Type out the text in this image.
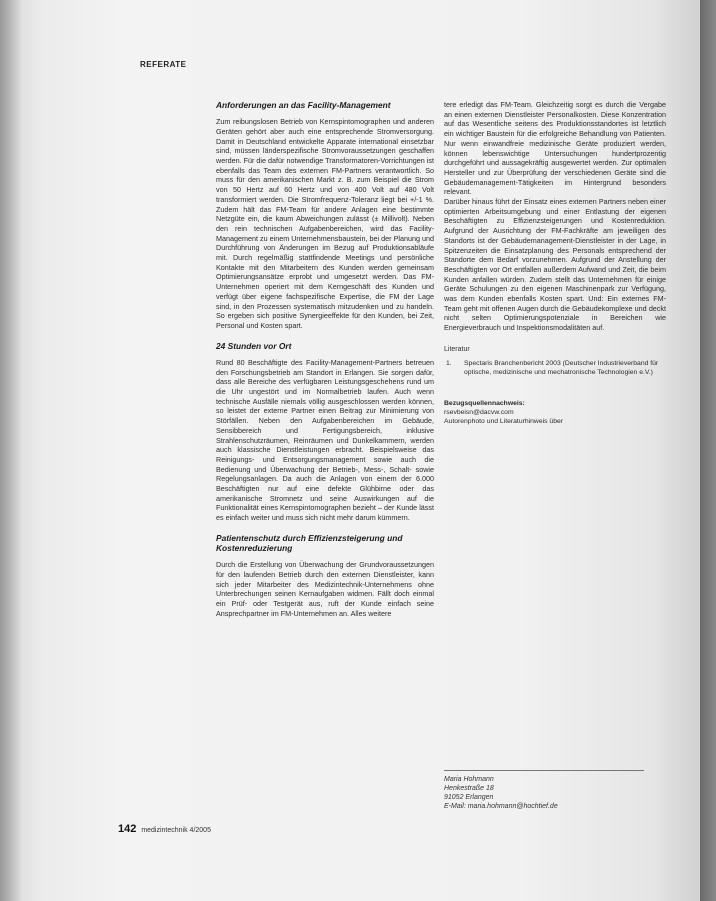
REFERATE
Anforderungen an das Facility-Management

Zum reibungslosen Betrieb von Kernspintomographen und anderen Geräten gehört aber auch eine entsprechende Stromversorgung. Damit in Deutschland entwickelte Apparate international einsetzbar sind, müssen länderspezifische Stromvoraussetzungen geschaffen werden. Für die dafür notwendige Transformatoren-Vorrichtungen ist ebenfalls das Team des externen FM-Partners verantwortlich. So muss für den amerikanischen Markt z. B. zum Beispiel die Strom von 50 Hertz auf 60 Hertz und von 400 Volt auf 480 Volt transformiert werden. Die Stromfrequenz-Toleranz liegt bei +/-1 %. Zudem hält das FM-Team für andere Anlagen eine bestimmte Netzgüte ein, die kaum Abweichungen zulässt (± Millivolt). Neben den rein technischen Aufgabenbereichen, wird das Facility-Management zu einem Unternehmensbaustein, bei der Planung und Durchführung von Änderungen im Bezug auf Produktionsabläufe mit. Durch regelmäßig stattfindende Meetings und persönliche Kontakte mit den Mitarbeitern des Kunden werden gemeinsam Optimierungsansätze erprobt und umgesetzt werden. Das FM-Unternehmen operiert mit dem Kerngeschäft des Kunden und verfügt über eigene fachspezifische Expertise, die FM der Lage sind, in den Prozessen systematisch mitzudenken und zu handeln. So ergeben sich positive Synergieeffekte für den Kunden, bei Zeit, Personal und Kosten spart.

24 Stunden vor Ort

Rund 80 Beschäftigte des Facility-Management-Partners betreuen den Forschungsbetrieb am Standort in Erlangen. Sie sorgen dafür, dass alle Bereiche des verfügbaren Leistungsgeschehens rund um die Uhr ungestört und im Normalbetrieb laufen. Auch wenn technische Ausfälle niemals völlig ausgeschlossen werden können, so leistet der externe Partner einen Beitrag zur Minimierung von Störfällen. Neben den Aufgabenbereichen im Gebäude, Sensibbereich und Fertigungsbereich, inklusive Strahlenschutzräumen, Reinräumen und Dunkelkammern, werden auch klassische Dienstleistungen erbracht. Beispielsweise das Reinigungs- und Entsorgungsmanagement sowie auch die Bedienung und Überwachung der Betrieb-, Mess-, Schalt- sowie Regelungsanlagen. Da auch die Anlagen von einem der 6.000 Beschäftigten nur auf eine defekte Glühbirne oder das amerikanische Stromnetz und seine Auswirkungen auf die Funktionalität eines Kernspintomographen bezieht – der Kunde lässt es einfach weiter und muss sich nicht mehr darum kümmern.

Patientenschutz durch Effizienzsteigerung und Kostenreduzierung

Durch die Erstellung von Überwachung der Grundvoraussetzungen für den laufenden Betrieb durch den externen Dienstleister, kann sich jeder Mitarbeiter des Medizintechnik-Unternehmens ohne Unterbrechungen seinen Kernaufgaben widmen. Fällt doch einmal ein Prüf- oder Testgerät aus, ruft der Kunde einfach seine Ansprechpartner im FM-Unternehmen an. Alles weitere

tere erledigt das FM-Team. Gleichzeitig sorgt es durch die Vergabe an einen externen Dienstleister Personalkosten. Diese Konzentration auf das Wesentliche seitens des Produktionsstandortes ist letztlich ein wichtiger Baustein für die erfolgreiche Behandlung von Patienten. Nur wenn einwandfreie medizinische Geräte produziert werden, können lebenswichtige Untersuchungen hundertprozentig durchgeführt und aussagekräftig ausgewertet werden. Zur optimalen Hersteller und zur Überprüfung der verschiedenen Geräte sind die Gebäudemanagement-Tätigkeiten im Hintergrund besonders relevant.

Darüber hinaus führt der Einsatz eines externen Partners neben einer optimierten Arbeitsumgebung und einer Entlastung der eigenen Beschäftigten zu Effizienzsteigerungen und Kostenreduktion. Aufgrund der Ausrichtung der FM-Fachkräfte am jeweiligen des Standorts ist der Gebäudemanagement-Dienstleister in der Lage, in Spitzenzeiten die Einsatzplanung des Personals entsprechend der Standorte dem Bedarf vorzunehmen. Aufgrund der Anstellung der Beschäftigten vor Ort entfallen außerdem Aufwand und Zeit, die beim Kunden anfallen würden. Zudem stellt das Unternehmen für einige Geräte Schulungen zu den eigenen Maschinenpark zur Verfügung, was dem Kunden ebenfalls Kosten spart. Und: Ein externes FM-Team geht mit offenen Augen durch die Gebäudekomplexe und deckt nicht selten Optimierungspotenziale in Bereichen wie Energieverbrauch und Inspektionsmodalitäten auf.

Literatur
1. Spectaris Branchenbericht 2003 (Deutscher Industrieverband für optische, medizinische und mechatronische Technologien e.V.)
Bezugsquellennachweis:
rsevbeisn@dacvw.com
Autorenphoto und Literaturhinweis über
Maria Hohmann
Henkestraße 18
91052 Erlangen
E-Mail: maria.hohmann@hochtief.de
142 medizintechnik 4/2005
